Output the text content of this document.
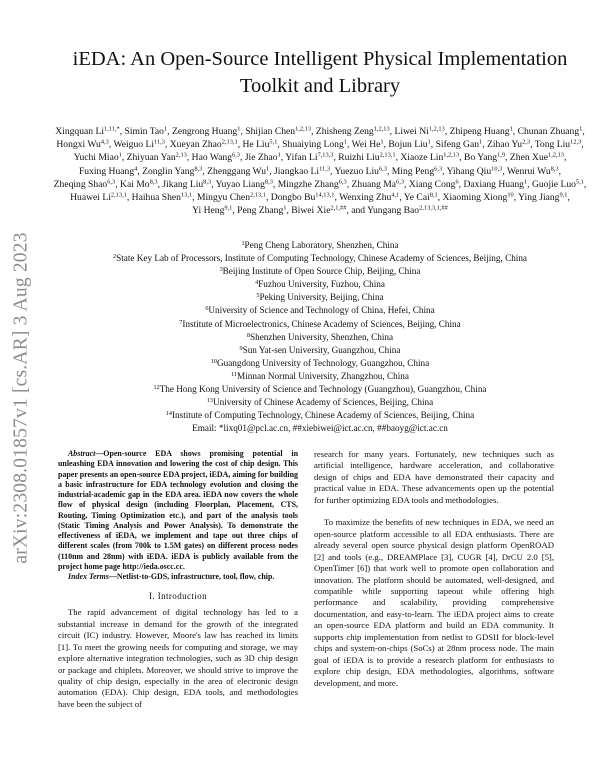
arXiv:2308.01857v1 [cs.AR] 3 Aug 2023
iEDA: An Open-Source Intelligent Physical Implementation Toolkit and Library
Xingquan $Li^{1,11,*}$, Simin Tao$^1$, Zengrong Huang$^1$, Shijian Chen$^{1,2,13}$, Zhisheng Zeng$^{1,2,13}$, Liwei Ni$^{1,2,13}$, Zhipeng Huang$^1$, Chunan Zhuang$^1$, Hongxi Wu$^{4,3}$, Weiguo Li$^{11,3}$, Xueyan Zhao$^{2,13,1}$, He Liu$^{5,1}$, Shuaiying Long$^1$, Wei He$^1$, Bojun Liu$^1$, Sifeng Gan$^1$, Zihao Yu$^{2,3}$, Tong Liu$^{12,3}$, Yuchi Miao$^1$, Zhiyuan Yan$^{2,13}$, Hao Wang$^{6,3}$, Jie Zhao$^1$, Yifan Li$^{7,13,3}$, Ruizhi Liu$^{2,13,1}$, Xiaoze Lin$^{1,2,13}$, Bo Yang$^{1,9}$, Zhen Xue$^{1,2,13}$, Fuxing Huang$^4$, Zonglin Yang$^{8,3}$, Zhenggang Wu$^1$, Jiangkao Li$^{11,3}$, Yuezuo Liu$^{6,3}$, Ming Peng$^{6,3}$, Yihang Qiu$^{10,3}$, Wenrui Wu$^{8,3}$, Zheqing Shao$^{6,3}$, Kai Mo$^{8,3}$, Jikang Liu$^{8,3}$, Yuyao Liang$^{8,3}$, Mingzhe Zhang$^{6,3}$, Zhuang Ma$^{6,3}$, Xiang Cong$^6$, Daxiang Huang$^1$, Guojie Luo$^{5,1}$, Huawei Li$^{2,13,1}$, Haihua Shen$^{13,1}$, Mingyu Chen$^{2,13,1}$, Dongbo Bu$^{14,13,1}$, Wenxing Zhu$^{4,1}$, Ye Cai$^{8,1}$, Xiaoming Xiong$^{10}$, Ying Jiang$^{9,1}$, Yi Heng$^{9,1}$, Peng Zhang$^1$, Biwei Xie$^{2,1,\#\#}$, and Yungang Bao$^{2,13,3,1,\#\#}$
$^1$Peng Cheng Laboratory, Shenzhen, China
$^2$State Key Lab of Processors, Institute of Computing Technology, Chinese Academy of Sciences, Beijing, China
$^3$Beijing Institute of Open Source Chip, Beijing, China
$^4$Fuzhou University, Fuzhou, China
$^5$Peking University, Beijing, China
$^6$University of Science and Technology of China, Hefei, China
$^7$Institute of Microelectronics, Chinese Academy of Sciences, Beijing, China
$^8$Shenzhen University, Shenzhen, China
$^9$Sun Yat-sen University, Guangzhou, China
$^{10}$Guangdong University of Technology, Guangzhou, China
$^{11}$Minnan Normal University, Zhangzhou, China
$^{12}$The Hong Kong University of Science and Technology (Guangzhou), Guangzhou, China
$^{13}$University of Chinese Academy of Sciences, Beijing, China
$^{14}$Institute of Computing Technology, Chinese Academy of Sciences, Beijing, China
Email: *lixq01@pcl.ac.cn, ##xiebiwei@ict.ac.cn, ##baoyg@ict.ac.cn

Abstract—Open-source EDA shows promising potential in unleashing EDA innovation and lowering the cost of chip design. This paper presents an open-source EDA project, iEDA, aiming for building a basic infrastructure for EDA technology evolution and closing the industrial-academic gap in the EDA area. iEDA now covers the whole flow of physical design (including Floorplan, Placement, CTS, Routing, Timing Optimization etc.), and part of the analysis tools (Static Timing Analysis and Power Analysis). To demonstrate the effectiveness of iEDA, we implement and tape out three chips of different scales (from 700k to 1.5M gates) on different process nodes (110nm and 28nm) with iEDA. iEDA is publicly available from the project home page http://ieda.oscc.cc.

Index Terms—Netlist-to-GDS, infrastructure, tool, flow, chip.

I. Introduction

The rapid advancement of digital technology has led to a substantial increase in demand for the growth of the integrated circuit (IC) industry. However, Moore's law has reached its limits [1]. To meet the growing needs for computing and storage, we may explore alternative integration technologies, such as 3D chip design or package and chiplets. Moreover, we should strive to improve the quality of chip design, especially in the area of electronic design automation (EDA). Chip design, EDA tools, and methodologies have been the subject of

research for many years. Fortunately, new techniques such as artificial intelligence, hardware acceleration, and collaborative design of chips and EDA have demonstrated their capacity and practical value in EDA. These advancements open up the potential for further optimizing EDA tools and methodologies.

To maximize the benefits of new techniques in EDA, we need an open-source platform accessible to all EDA enthusiasts. There are already several open source physical design platform OpenROAD [2] and tools (e.g., DREAMPlace [3], CUGR [4], DrCU 2.0 [5], OpenTimer [6]) that work well to promote open collaboration and innovation. The platform should be automated, well-designed, and compatible while supporting tapeout while offering high performance and scalability, providing comprehensive documentation, and easy-to-learn. The iEDA project aims to create an open-source EDA platform and build an EDA community. It supports chip implementation from netlist to GDSII for block-level chips and system-on-chips (SoCs) at 28nm process node. The main goal of iEDA is to provide a research platform for enthusiasts to explore chip design, EDA methodologies, algorithms, software development, and more.
